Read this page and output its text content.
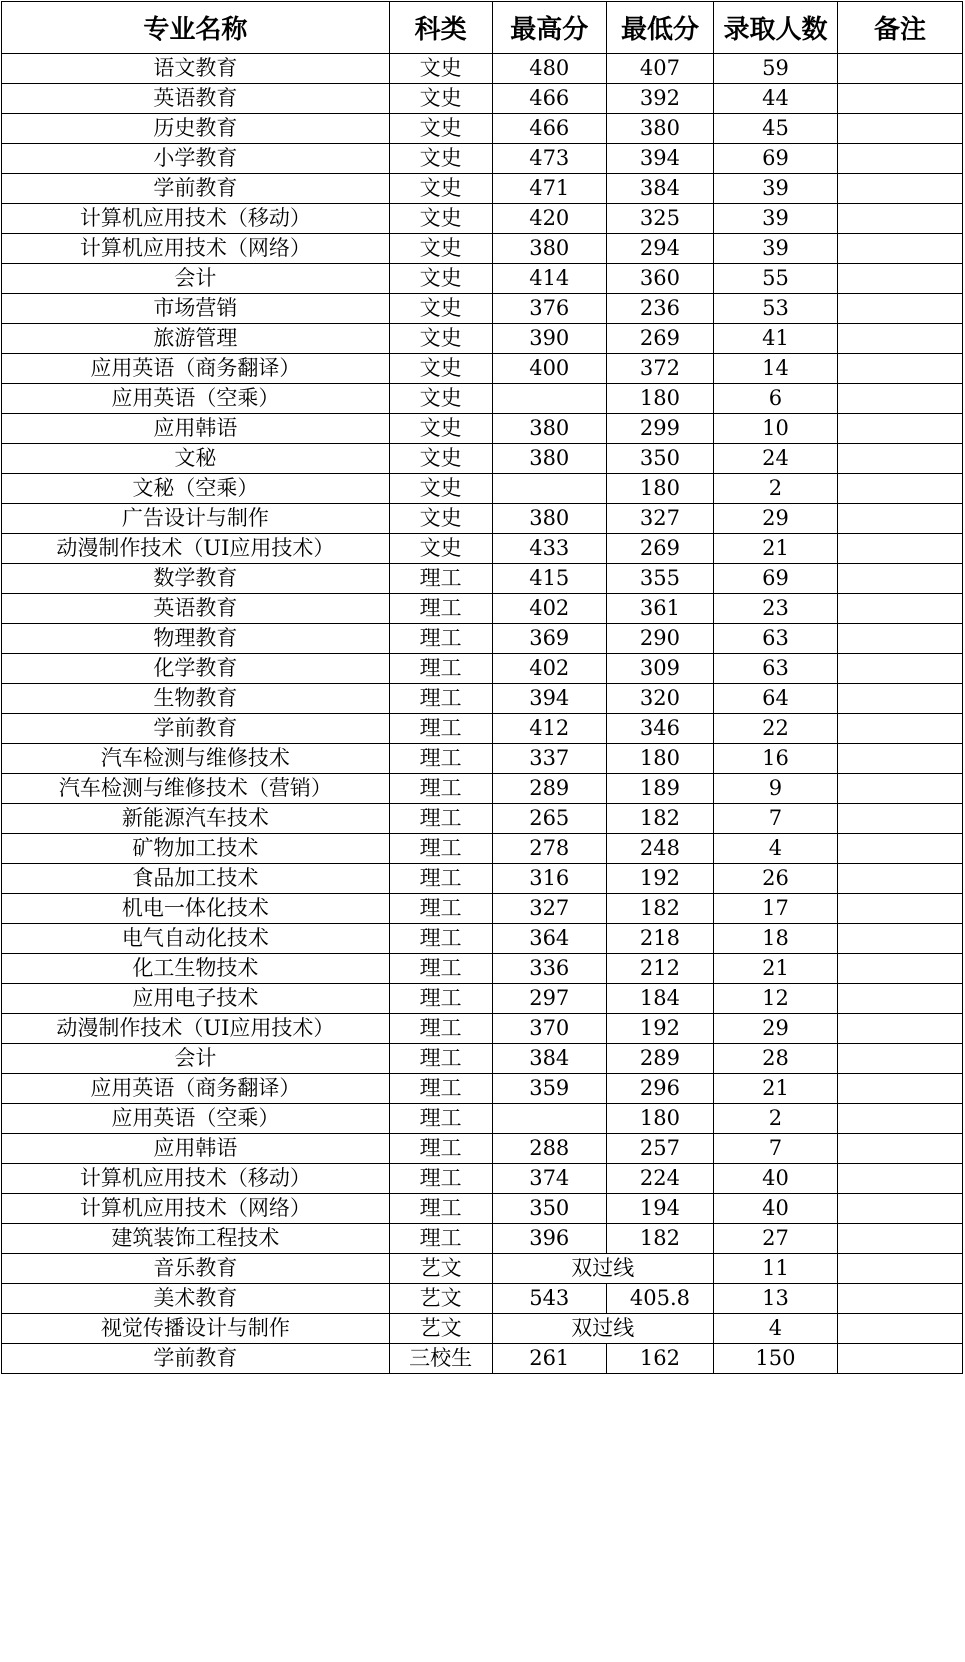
专业名称	科类	最高分	最低分	录取人数	备注
语文教育	文史	480	407	59	
英语教育	文史	466	392	44	
历史教育	文史	466	380	45	
小学教育	文史	473	394	69	
学前教育	文史	471	384	39	
计算机应用技术（移动）	文史	420	325	39	
计算机应用技术（网络）	文史	380	294	39	
会计	文史	414	360	55	
市场营销	文史	376	236	53	
旅游管理	文史	390	269	41	
应用英语（商务翻译）	文史	400	372	14	
应用英语（空乘）	文史		180	6	
应用韩语	文史	380	299	10	
文秘	文史	380	350	24	
文秘（空乘）	文史		180	2	
广告设计与制作	文史	380	327	29	
动漫制作技术（UI应用技术）	文史	433	269	21	
数学教育	理工	415	355	69	
英语教育	理工	402	361	23	
物理教育	理工	369	290	63	
化学教育	理工	402	309	63	
生物教育	理工	394	320	64	
学前教育	理工	412	346	22	
汽车检测与维修技术	理工	337	180	16	
汽车检测与维修技术（营销）	理工	289	189	9	
新能源汽车技术	理工	265	182	7	
矿物加工技术	理工	278	248	4	
食品加工技术	理工	316	192	26	
机电一体化技术	理工	327	182	17	
电气自动化技术	理工	364	218	18	
化工生物技术	理工	336	212	21	
应用电子技术	理工	297	184	12	
动漫制作技术（UI应用技术）	理工	370	192	29	
会计	理工	384	289	28	
应用英语（商务翻译）	理工	359	296	21	
应用英语（空乘）	理工		180	2	
应用韩语	理工	288	257	7	
计算机应用技术（移动）	理工	374	224	40	
计算机应用技术（网络）	理工	350	194	40	
建筑装饰工程技术	理工	396	182	27	
音乐教育	艺文	双过线		11	
美术教育	艺文	543	405.8	13	
视觉传播设计与制作	艺文	双过线		4	
学前教育	三校生	261	162	150	
